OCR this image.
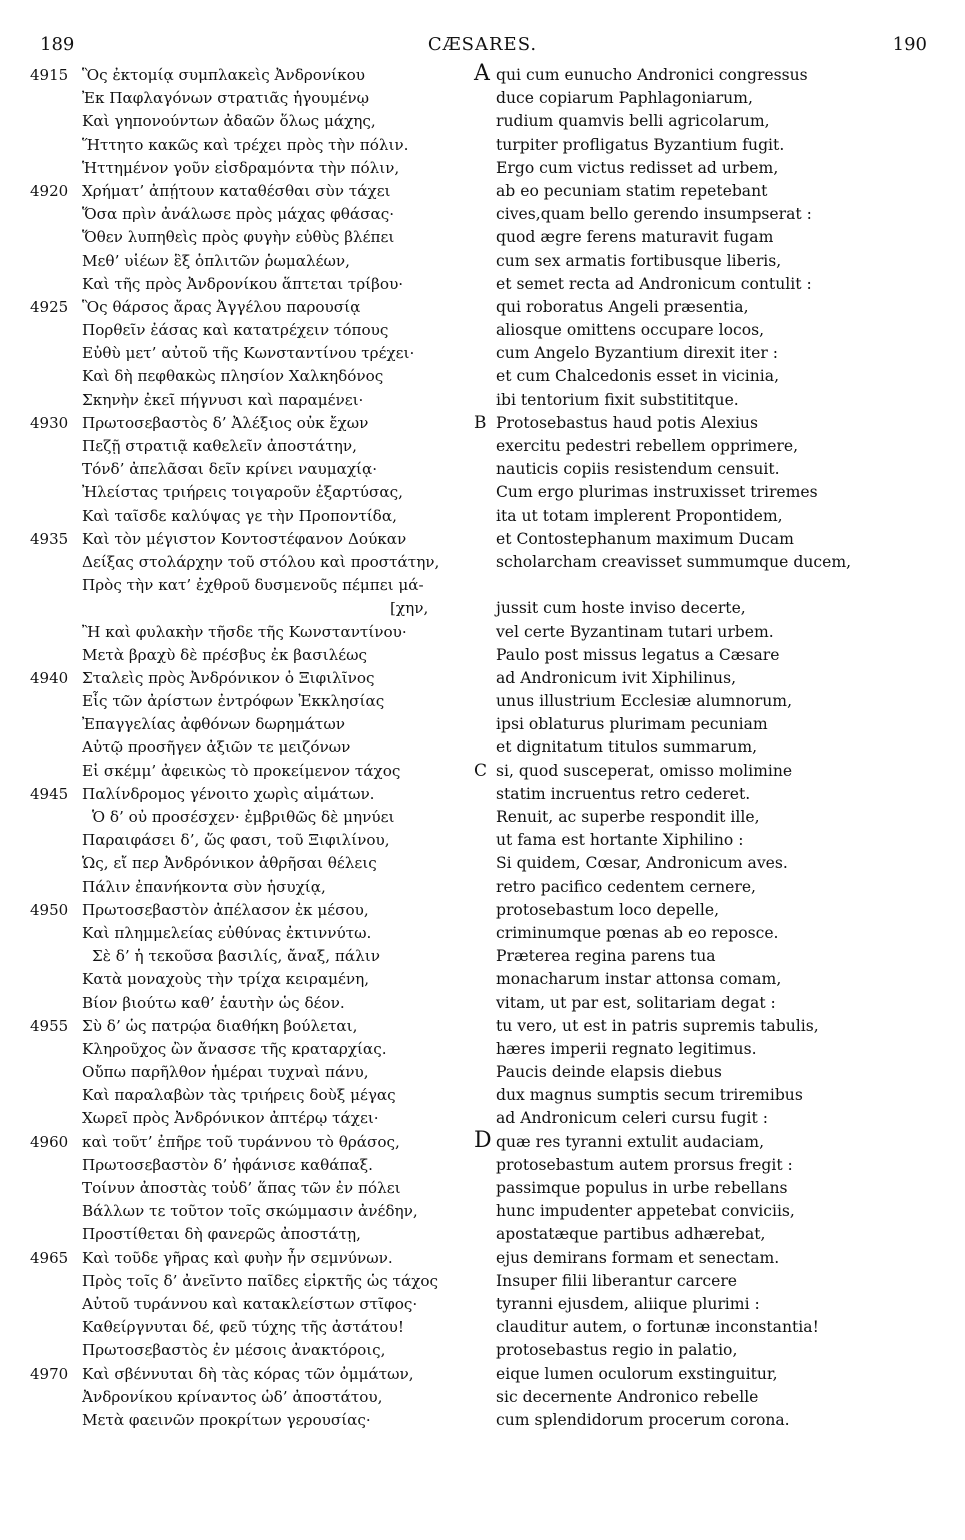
189	CÆSARES.	190
4915 Ὃς ἐκτομίᾳ συμπλακεὶς Ἀνδρονίκου
Ἐκ Παφλαγόνων στρατιᾶς ἡγουμένῳ
Καὶ γηπονούντων ἀδαῶν ὅλως μάχης,
Ἥττητο κακῶς καὶ τρέχει πρὸς τὴν πόλιν.
Ἡττημένον γοῦν εἰσδραμόντα τὴν πόλιν,
4920 Χρήματ’ ἀπῄτουν καταθέσθαι σὺν τάχει
Ὅσα πρὶν ἀνάλωσε πρὸς μάχας φθάσας·
Ὅθεν λυπηθεὶς πρὸς φυγὴν εὐθὺς βλέπει
Μεθ’ υἱέων ἓξ ὁπλιτῶν ῥωμαλέων,
Καὶ τῆς πρὸς Ἀνδρονίκου ἅπτεται τρίβου·
4925 Ὃς θάρσος ἄρας Ἀγγέλου παρουσίᾳ
Πορθεῖν ἐάσας καὶ κατατρέχειν τόπους
Εὐθὺ μετ’ αὐτοῦ τῆς Κωνσταντίνου τρέχει·
Καὶ δὴ πεφθακὼς πλησίον Χαλκηδόνος
Σκηνὴν ἐκεῖ πήγνυσι καὶ παραμένει·
4930 Πρωτοσεβαστὸς δ’ Ἀλέξιος οὐκ ἔχων
Πεζῇ στρατιᾷ καθελεῖν ἀποστάτην,
Τόνδ’ ἀπελᾶσαι δεῖν κρίνει ναυμαχίᾳ·
Ἠλείστας τριήρεις τοιγαροῦν ἐξαρτύσας,
Καὶ ταῖσδε καλύψας γε τὴν Προποντίδα,
4935 Καὶ τὸν μέγιστον Κοντοστέφανον Δούκαν
Δείξας στολάρχην τοῦ στόλου καὶ προστάτην,
Πρὸς τὴν κατ’ ἐχθροῦ δυσμενοῦς πέμπει μά-
[χην,
Ἢ καὶ φυλακὴν τῆσδε τῆς Κωνσταντίνου·
Μετὰ βραχὺ δὲ πρέσβυς ἐκ βασιλέως
4940 Σταλεὶς πρὸς Ἀνδρόνικον ὁ Ξιφιλῖνος
Εἷς τῶν ἀρίστων ἐντρόφων Ἐκκλησίας
Ἐπαγγελίας ἀφθόνων δωρημάτων
Αὐτῷ προσῆγεν ἀξιῶν τε μειζόνων
Εἰ σκέμμ’ ἀφεικὼς τὸ προκείμενον τάχος
4945 Παλίνδρομος γένοιτο χωρὶς αἱμάτων.
Ὁ δ’ οὐ προσέσχεν· ἐμβριθῶς δὲ μηνύει
Παραιφάσει δ’, ὥς φασι, τοῦ Ξιφιλίνου,
Ὡς, εἴ περ Ἀνδρόνικον ἀθρῆσαι θέλεις
Πάλιν ἐπανήκοντα σὺν ἡσυχίᾳ,
4950 Πρωτοσεβαστὸν ἀπέλασον ἐκ μέσου,
Καὶ πλημμελείας εὐθύνας ἐκτιννύτω.
Σὲ δ’ ἡ τεκοῦσα βασιλίς, ἄναξ, πάλιν
Κατὰ μοναχοὺς τὴν τρίχα κειραμένη,
Βίον βιούτω καθ’ ἑαυτὴν ὡς δέον.
4955 Σὺ δ’ ὡς πατρῴα διαθήκη βούλεται,
Κληροῦχος ὢν ἄνασσε τῆς κραταρχίας.
Οὔπω παρῆλθον ἡμέραι τυχναὶ πάνυ,
Καὶ παραλαβὼν τὰς τριήρεις δοὺξ μέγας
Χωρεῖ πρὸς Ἀνδρόνικον ἀπτέρῳ τάχει·
4960 καὶ τοῦτ’ ἐπῆρε τοῦ τυράννου τὸ θράσος,
Πρωτοσεβαστὸν δ’ ἠφάνισε καθάπαξ.
Τοίνυν ἀποστὰς τοὐδ’ ἅπας τῶν ἐν πόλει
Βάλλων τε τοῦτον τοῖς σκώμμασιν ἀνέδην,
Προστίθεται δὴ φανερῶς ἀποστάτῃ,
4965 Καὶ τοῦδε γῆρας καὶ φυὴν ἦν σεμνύνων.
Πρὸς τοῖς δ’ ἀνεῖντο παῖδες εἱρκτῆς ὡς τάχος
Αὐτοῦ τυράννου καὶ κατακλείστων στῖφος·
Καθείργνυται δέ, φεῦ τύχης τῆς ἀστάτου!
Πρωτοσεβαστὸς ἐν μέσοις ἀνακτόροις,
4970 Καὶ σβέννυται δὴ τὰς κόρας τῶν ὀμμάτων,
Ἀνδρονίκου κρίναντος ὡδ’ ἀποστάτου,
Μετὰ φαεινῶν προκρίτων γερουσίας·
A qui cum eunucho Andronici congressus
duce copiarum Paphlagoniarum,
rudium quamvis belli agricolarum,
turpiter profligatus Byzantium fugit.
Ergo cum victus redisset ad urbem,
ab eo pecuniam statim repetebant
cives,quam bello gerendo insumpserat :
quod ægre ferens maturavit fugam
cum sex armatis fortibusque liberis,
et semet recta ad Andronicum contulit :
qui roboratus Angeli præsentia,
aliosque omittens occupare locos,
cum Angelo Byzantium direxit iter :
et cum Chalcedonis esset in vicinia,
ibi tentorium fixit substititque.
B Protosebastus haud potis Alexius
exercitu pedestri rebellem opprimere,
nauticis copiis resistendum censuit.
Cum ergo plurimas instruxisset triremes
ita ut totam implerent Propontidem,
et Contostephanum maximum Ducam
scholarcham creavisset summumque ducem,
jussit cum hoste inviso decerte,
vel certe Byzantinam tutari urbem.
Paulo post missus legatus a Cæsare
ad Andronicum ivit Xiphilinus,
unus illustrium Ecclesiæ alumnorum,
ipsi oblaturus plurimam pecuniam
et dignitatum titulos summarum,
C si, quod susceperat, omisso molimine
statim incruentus retro cederet.
Renuit, ac superbe respondit ille,
ut fama est hortante Xiphilino :
Si quidem, Cœsar, Andronicum aves.
retro pacifico cedentem cernere,
protosebastum loco depelle,
criminumque pœnas ab eo reposce.
Præterea regina parens tua
monacharum instar attonsa comam,
vitam, ut par est, solitariam degat :
tu vero, ut est in patris supremis tabulis,
hæres imperii regnato legitimus.
Paucis deinde elapsis diebus
dux magnus sumptis secum triremibus
ad Andronicum celeri cursu fugit :
D quæ res tyranni extulit audaciam,
protosebastum autem prorsus fregit :
passimque populus in urbe rebellans
hunc impudenter appetebat conviciis,
apostatæque partibus adhærebat,
ejus demirans formam et senectam.
Insuper filii liberantur carcere
tyranni ejusdem, aliique plurimi :
clauditur autem, o fortunæ inconstantia!
protosebastus regio in palatio,
eique lumen oculorum exstinguitur,
sic decernente Andronico rebelle
cum splendidorum procerum corona.
